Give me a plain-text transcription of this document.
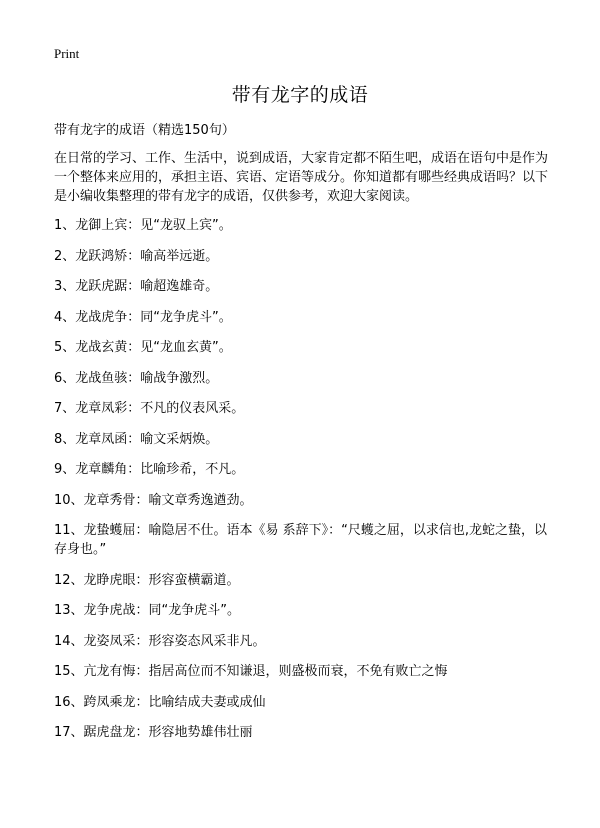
Print
带有龙字的成语
带有龙字的成语（精选150句）
在日常的学习、工作、生活中，说到成语，大家肯定都不陌生吧，成语在语句中是作为一个整体来应用的，承担主语、宾语、定语等成分。你知道都有哪些经典成语吗？以下是小编收集整理的带有龙字的成语，仅供参考，欢迎大家阅读。
1、龙御上宾：见“龙驭上宾”。
2、龙跃鸿矫：喻高举远逝。
3、龙跃虎踞：喻超逸雄奇。
4、龙战虎争：同“龙争虎斗”。
5、龙战玄黄：见“龙血玄黄”。
6、龙战鱼骇：喻战争激烈。
7、龙章凤彩：不凡的仪表风采。
8、龙章凤函：喻文采炳焕。
9、龙章麟角：比喻珍希，不凡。
10、龙章秀骨：喻文章秀逸遒劲。
11、龙蛰蠖屈：喻隐居不仕。语本《易 系辞下》：“尺蠖之屈，以求信也,龙蛇之蛰，以存身也。”
12、龙睁虎眼：形容蛮横霸道。
13、龙争虎战：同“龙争虎斗”。
14、龙姿凤采：形容姿态风采非凡。
15、亢龙有悔：指居高位而不知谦退，则盛极而衰，不免有败亡之悔
16、跨凤乘龙：比喻结成夫妻或成仙
17、踞虎盘龙：形容地势雄伟壮丽
